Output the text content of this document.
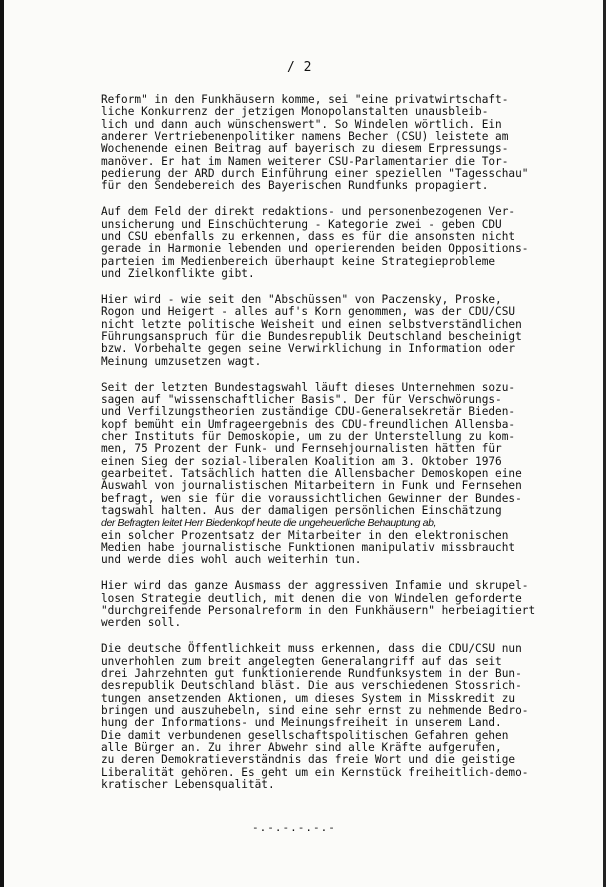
/ 2
Reform" in den Funkhäusern komme, sei "eine privatwirtschaft-
liche Konkurrenz der jetzigen Monopolanstalten unausbleib-
lich und dann auch wünschenswert". So Windelen wörtlich. Ein
anderer Vertriebenenpolitiker namens Becher (CSU) leistete am
Wochenende einen Beitrag auf bayerisch zu diesem Erpressungs-
manöver. Er hat im Namen weiterer CSU-Parlamentarier die Tor-
pedierung der ARD durch Einführung einer speziellen "Tagesschau"
für den Sendebereich des Bayerischen Rundfunks propagiert.
Auf dem Feld der direkt redaktions- und personenbezogenen Ver-
unsicherung und Einschüchterung - Kategorie zwei - geben CDU
und CSU ebenfalls zu erkennen, dass es für die ansonsten nicht
gerade in Harmonie lebenden und operierenden beiden Oppositions-
parteien im Medienbereich überhaupt keine Strategieprobleme
und Zielkonflikte gibt.
Hier wird - wie seit den "Abschüssen" von Paczensky, Proske,
Rogon und Heigert - alles auf's Korn genommen, was der CDU/CSU
nicht letzte politische Weisheit und einen selbstverständlichen
Führungsanspruch für die Bundesrepublik Deutschland bescheinigt
bzw. Vorbehalte gegen seine Verwirklichung in Information oder
Meinung umzusetzen wagt.
Seit der letzten Bundestagswahl läuft dieses Unternehmen sozu-
sagen auf "wissenschaftlicher Basis". Der für Verschwörungs-
und Verfilzungstheorien zuständige CDU-Generalsekretär Bieden-
kopf bemüht ein Umfrageergebnis des CDU-freundlichen Allensba-
cher Instituts für Demoskopie, um zu der Unterstellung zu kom-
men, 75 Prozent der Funk- und Fernsehjournalisten hätten für
einen Sieg der sozial-liberalen Koalition am 3. Oktober 1976
gearbeitet. Tatsächlich hatten die Allensbacher Demoskopen eine
Auswahl von journalistischen Mitarbeitern in Funk und Fernsehen
befragt, wen sie für die voraussichtlichen Gewinner der Bundes-
tagswahl halten. Aus der damaligen persönlichen Einschätzung
der Befragten leitet Herr Biedenkopf heute die ungeheuerliche Behauptung ab,
ein solcher Prozentsatz der Mitarbeiter in den elektronischen
Medien habe journalistische Funktionen manipulativ missbraucht
und werde dies wohl auch weiterhin tun.
Hier wird das ganze Ausmass der aggressiven Infamie und skrupel-
losen Strategie deutlich, mit denen die von Windelen geforderte
"durchgreifende Personalreform in den Funkhäusern" herbeiagitiert
werden soll.
Die deutsche Öffentlichkeit muss erkennen, dass die CDU/CSU nun
unverhohlen zum breit angelegten Generalangriff auf das seit
drei Jahrzehnten gut funktionierende Rundfunksystem in der Bun-
desrepublik Deutschland bläst. Die aus verschiedenen Stossrich-
tungen ansetzenden Aktionen, um dieses System in Misskredit zu
bringen und auszuhebeln, sind eine sehr ernst zu nehmende Bedro-
hung der Informations- und Meinungsfreiheit in unserem Land.
Die damit verbundenen gesellschaftspolitischen Gefahren gehen
alle Bürger an. Zu ihrer Abwehr sind alle Kräfte aufgerufen,
zu deren Demokratieverständnis das freie Wort und die geistige
Liberalität gehören. Es geht um ein Kernstück freiheitlich-demo-
kratischer Lebensqualität.
-.-.-.-.-.-
